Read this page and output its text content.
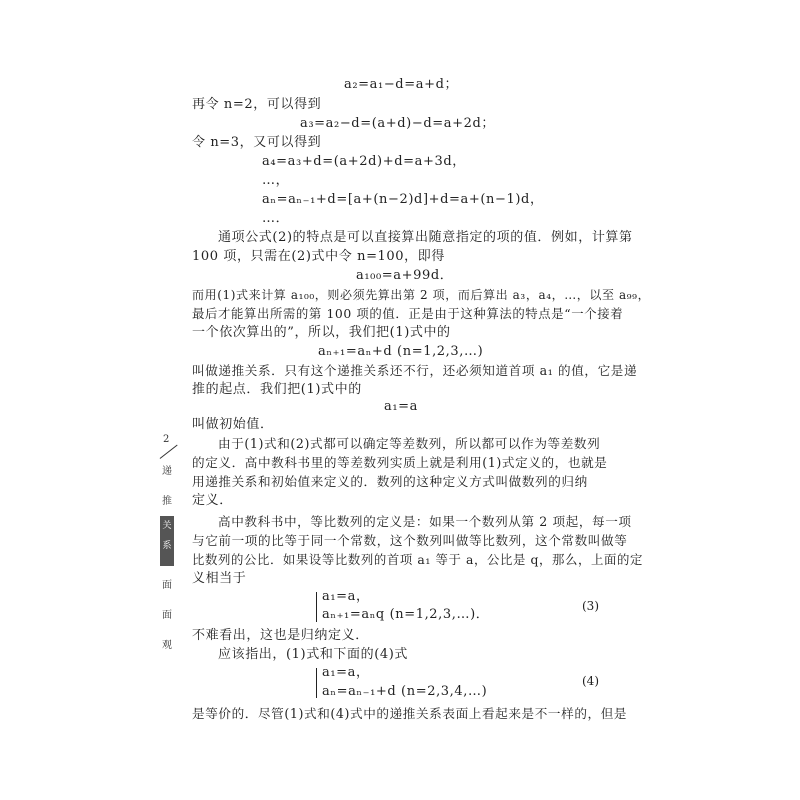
a₂=a₁−d=a+d；
再令 n=2，可以得到
a₃=a₂−d=(a+d)−d=a+2d；
令 n=3，又可以得到
a₄=a₃+d=(a+2d)+d=a+3d，
…，
aₙ=aₙ₋₁+d=[a+(n−2)d]+d=a+(n−1)d，
…．
通项公式(2)的特点是可以直接算出随意指定的项的值．例如，计算第
100 项，只需在(2)式中令 n=100，即得
a₁₀₀=a+99d．
而用(1)式来计算 a₁₀₀，则必须先算出第 2 项，而后算出 a₃，a₄，…，以至 a₉₉，
最后才能算出所需的第 100 项的值．正是由于这种算法的特点是“一个接着
一个依次算出的”，所以，我们把(1)式中的
aₙ₊₁=aₙ+d (n=1,2,3,…)
叫做递推关系．只有这个递推关系还不行，还必须知道首项 a₁ 的值，它是递
推的起点．我们把(1)式中的
a₁=a
叫做初始值．
由于(1)式和(2)式都可以确定等差数列，所以都可以作为等差数列
的定义．高中教科书里的等差数列实质上就是利用(1)式定义的，也就是
用递推关系和初始值来定义的．数列的这种定义方式叫做数列的归纳
定义．
高中教科书中，等比数列的定义是：如果一个数列从第 2 项起，每一项
与它前一项的比等于同一个常数，这个数列叫做等比数列，这个常数叫做等
比数列的公比．如果设等比数列的首项 a₁ 等于 a，公比是 q，那么，上面的定
义相当于
a₁=a，
aₙ₊₁=aₙq (n=1,2,3,…)．
(3)
不难看出，这也是归纳定义．
应该指出，(1)式和下面的(4)式
a₁=a，
aₙ=aₙ₋₁+d (n=2,3,4,…)
(4)
是等价的．尽管(1)式和(4)式中的递推关系表面上看起来是不一样的，但是
2
递
推
关
系
面
面
观
